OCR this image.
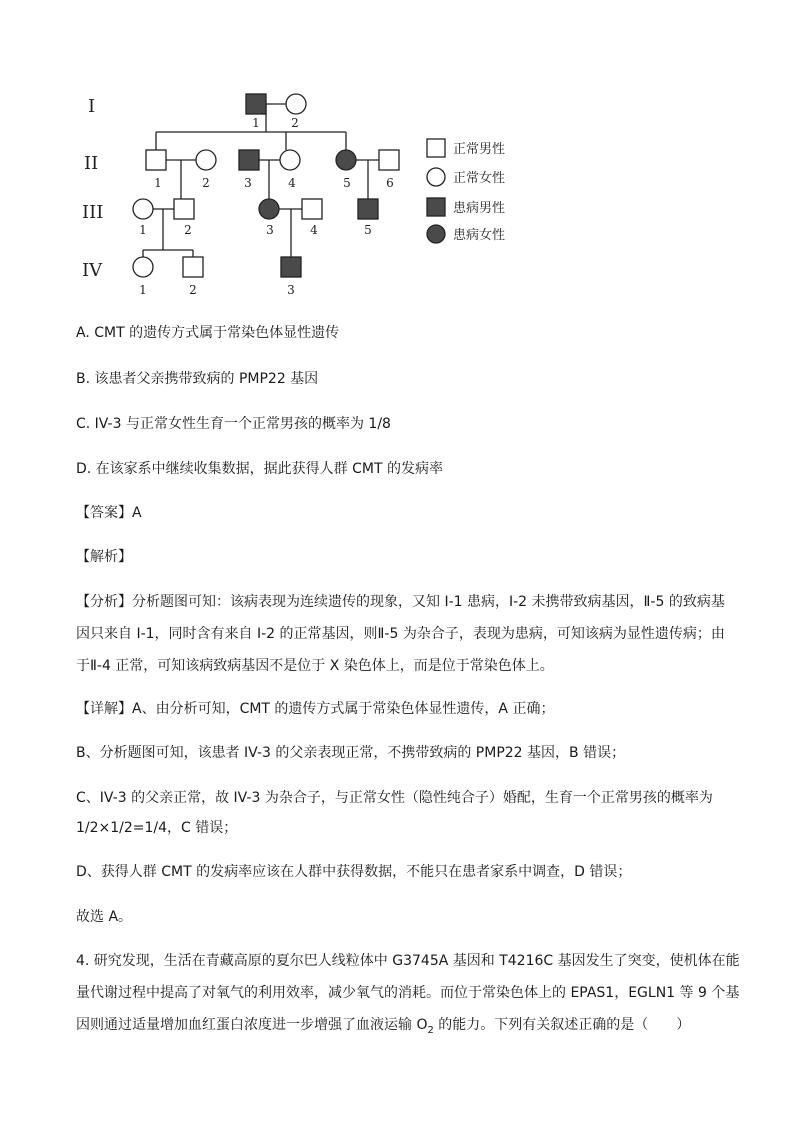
I
II
III
IV
1	2
1	2	3	4	5	6
1	2	3	4	5
1	2	3
正常男性
正常女性
患病男性
患病女性
A. CMT 的遗传方式属于常染色体显性遗传
B. 该患者父亲携带致病的 PMP22 基因
C. IV-3 与正常女性生育一个正常男孩的概率为 1/8
D. 在该家系中继续收集数据，据此获得人群 CMT 的发病率
【答案】A
【解析】
【分析】分析题图可知：该病表现为连续遗传的现象，又知 I-1 患病，I-2 未携带致病基因，Ⅱ-5 的致病基
因只来自 I-1，同时含有来自 I-2 的正常基因，则Ⅱ-5 为杂合子，表现为患病，可知该病为显性遗传病；由
于Ⅱ-4 正常，可知该病致病基因不是位于 X 染色体上，而是位于常染色体上。
【详解】A、由分析可知，CMT 的遗传方式属于常染色体显性遗传，A 正确；
B、分析题图可知，该患者 IV-3 的父亲表现正常，不携带致病的 PMP22 基因，B 错误；
C、IV-3 的父亲正常，故 IV-3 为杂合子，与正常女性（隐性纯合子）婚配，生育一个正常男孩的概率为
1/2×1/2=1/4，C 错误；
D、获得人群 CMT 的发病率应该在人群中获得数据，不能只在患者家系中调查，D 错误；
故选 A。
4. 研究发现，生活在青藏高原的夏尔巴人线粒体中 G3745A 基因和 T4216C 基因发生了突变，使机体在能
量代谢过程中提高了对氧气的利用效率，减少氧气的消耗。而位于常染色体上的 EPAS1，EGLN1 等 9 个基
因则通过适量增加血红蛋白浓度进一步增强了血液运输 $O_2$ 的能力。下列有关叙述正确的是（　　）
